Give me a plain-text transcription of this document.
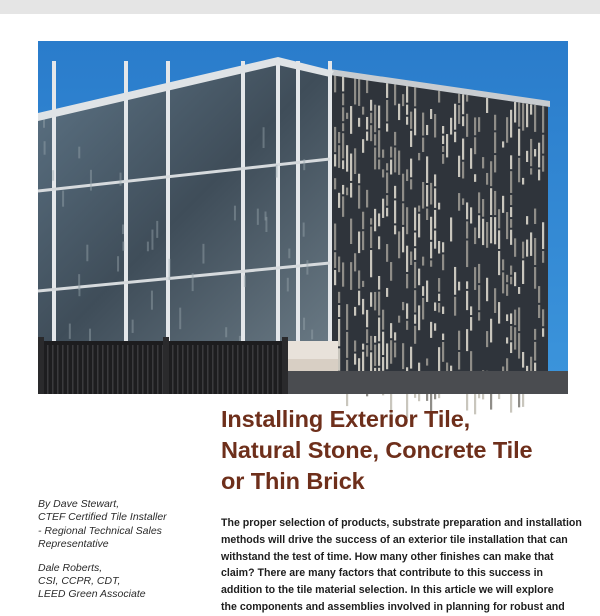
Installing Exterior Tile,
Natural Stone, Concrete Tile
or Thin Brick
By Dave Stewart,
CTEF Certified Tile Installer
- Regional Technical Sales
Representative
Dale Roberts,
CSI, CCPR, CDT,
LEED Green Associate
The proper selection of products, substrate preparation and installation
methods will drive the success of an exterior tile installation that can
withstand the test of time. How many other finishes can make that
claim? There are many factors that contribute to this success in
addition to the tile material selection. In this article we will explore
the components and assemblies involved in planning for robust and
